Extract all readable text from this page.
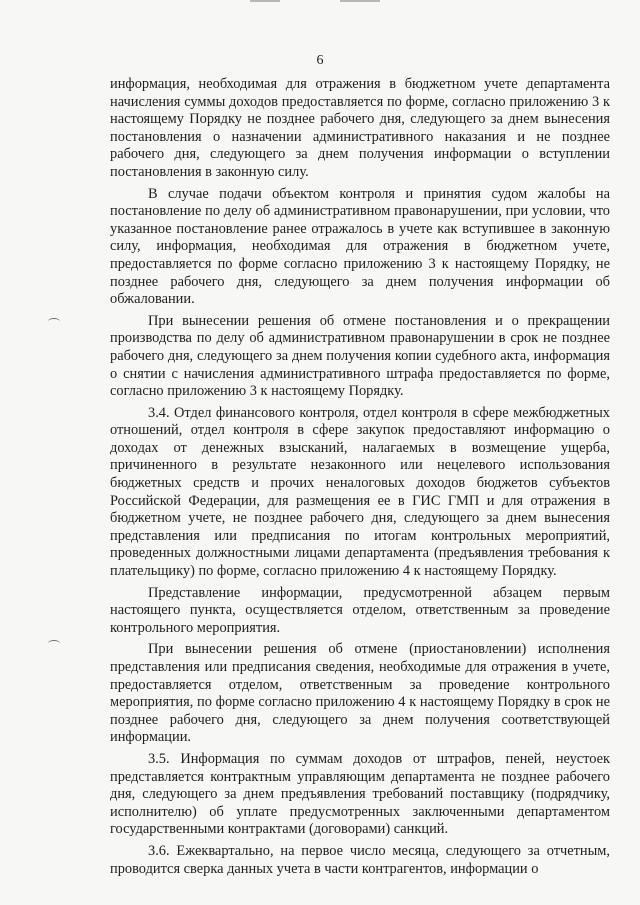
6

информация, необходимая для отражения в бюджетном учете департамента начисления суммы доходов предоставляется по форме, согласно приложению 3 к настоящему Порядку не позднее рабочего дня, следующего за днем вынесения постановления о назначении административного наказания и не позднее рабочего дня, следующего за днем получения информации о вступлении постановления в законную силу.

В случае подачи объектом контроля и принятия судом жалобы на постановление по делу об административном правонарушении, при условии, что указанное постановление ранее отражалось в учете как вступившее в законную силу, информация, необходимая для отражения в бюджетном учете, предоставляется по форме согласно приложению 3 к настоящему Порядку, не позднее рабочего дня, следующего за днем получения информации об обжаловании.

При вынесении решения об отмене постановления и о прекращении производства по делу об административном правонарушении в срок не позднее рабочего дня, следующего за днем получения копии судебного акта, информация о снятии с начисления административного штрафа предоставляется по форме, согласно приложению 3 к настоящему Порядку.

3.4. Отдел финансового контроля, отдел контроля в сфере межбюджетных отношений, отдел контроля в сфере закупок предоставляют информацию о доходах от денежных взысканий, налагаемых в возмещение ущерба, причиненного в результате незаконного или нецелевого использования бюджетных средств и прочих неналоговых доходов бюджетов субъектов Российской Федерации, для размещения ее в ГИС ГМП и для отражения в бюджетном учете, не позднее рабочего дня, следующего за днем вынесения представления или предписания по итогам контрольных мероприятий, проведенных должностными лицами департамента (предъявления требования к плательщику) по форме, согласно приложению 4 к настоящему Порядку.

Представление информации, предусмотренной абзацем первым настоящего пункта, осуществляется отделом, ответственным за проведение контрольного мероприятия.

При вынесении решения об отмене (приостановлении) исполнения представления или предписания сведения, необходимые для отражения в учете, предоставляется отделом, ответственным за проведение контрольного мероприятия, по форме согласно приложению 4 к настоящему Порядку в срок не позднее рабочего дня, следующего за днем получения соответствующей информации.

3.5. Информация по суммам доходов от штрафов, пеней, неустоек представляется контрактным управляющим департамента не позднее рабочего дня, следующего за днем предъявления требований поставщику (подрядчику, исполнителю) об уплате предусмотренных заключенными департаментом государственными контрактами (договорами) санкций.

3.6. Ежеквартально, на первое число месяца, следующего за отчетным, проводится сверка данных учета в части контрагентов, информации о
